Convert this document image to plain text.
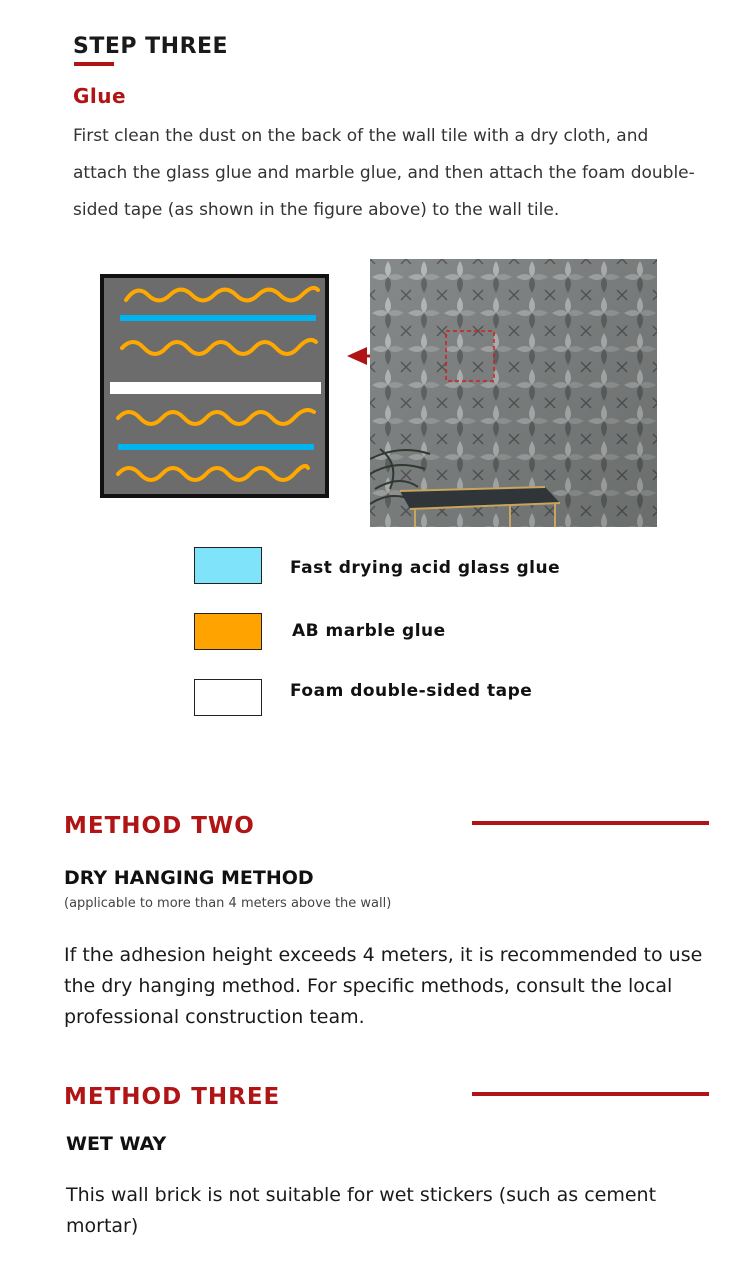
STEP THREE
Glue
First clean the dust on the back of the wall tile with a dry cloth, and attach the glass glue and marble glue, and then attach the foam double-sided tape (as shown in the figure above) to the wall tile.
Fast drying acid glass glue
AB marble glue
Foam double-sided tape
METHOD TWO
DRY HANGING METHOD
(applicable to more than 4 meters above the wall)
If the adhesion height exceeds 4 meters, it is recommended to use the dry hanging method. For specific methods, consult the local professional construction team.
METHOD THREE
WET WAY
This wall brick is not suitable for wet stickers (such as cement mortar)
